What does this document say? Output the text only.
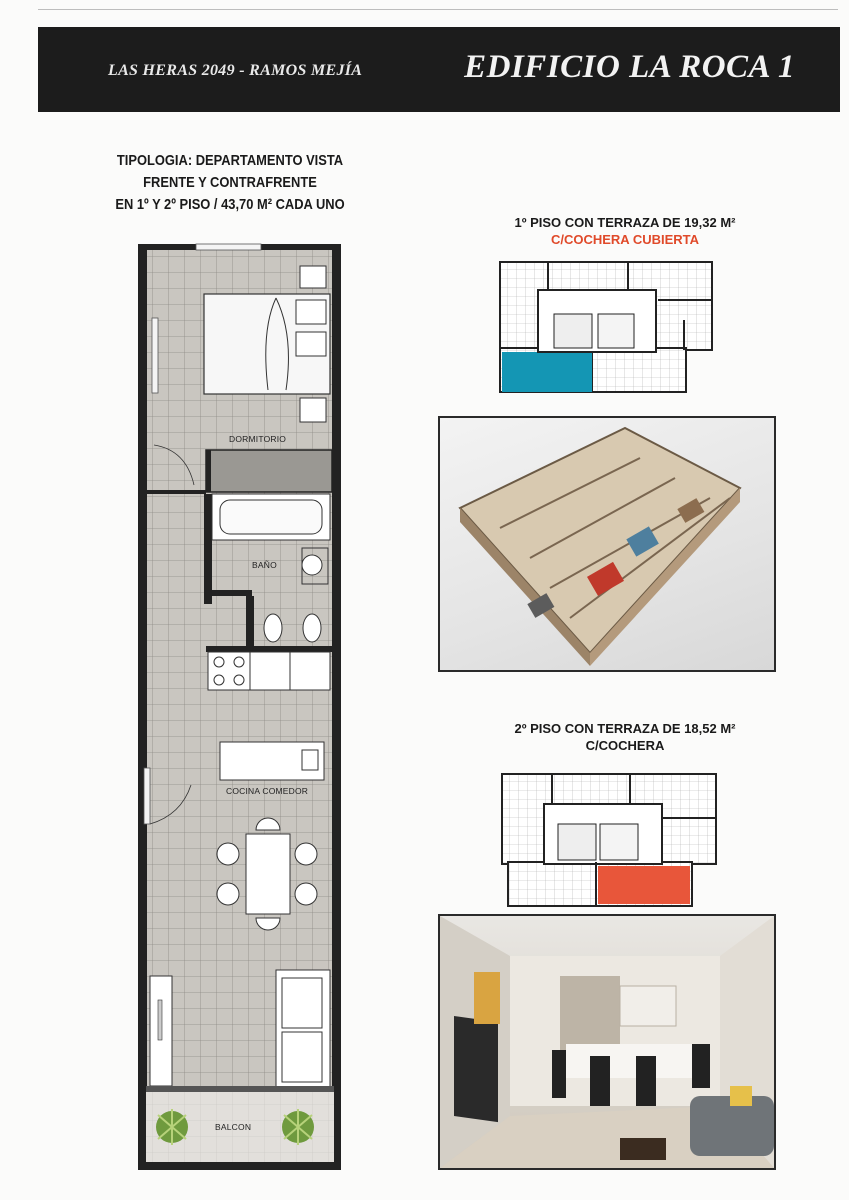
LAS HERAS 2049 - RAMOS MEJÍA	EDIFICIO LA ROCA 1
TIPOLOGIA: DEPARTAMENTO VISTA
FRENTE Y CONTRAFRENTE
EN 1º Y 2º PISO / 43,70 M² CADA UNO
DORMITORIO
BAÑO
COCINA COMEDOR
BALCON
1º PISO CON TERRAZA DE 19,32 M²
C/COCHERA CUBIERTA
2º PISO CON TERRAZA DE 18,52 M²
C/COCHERA
